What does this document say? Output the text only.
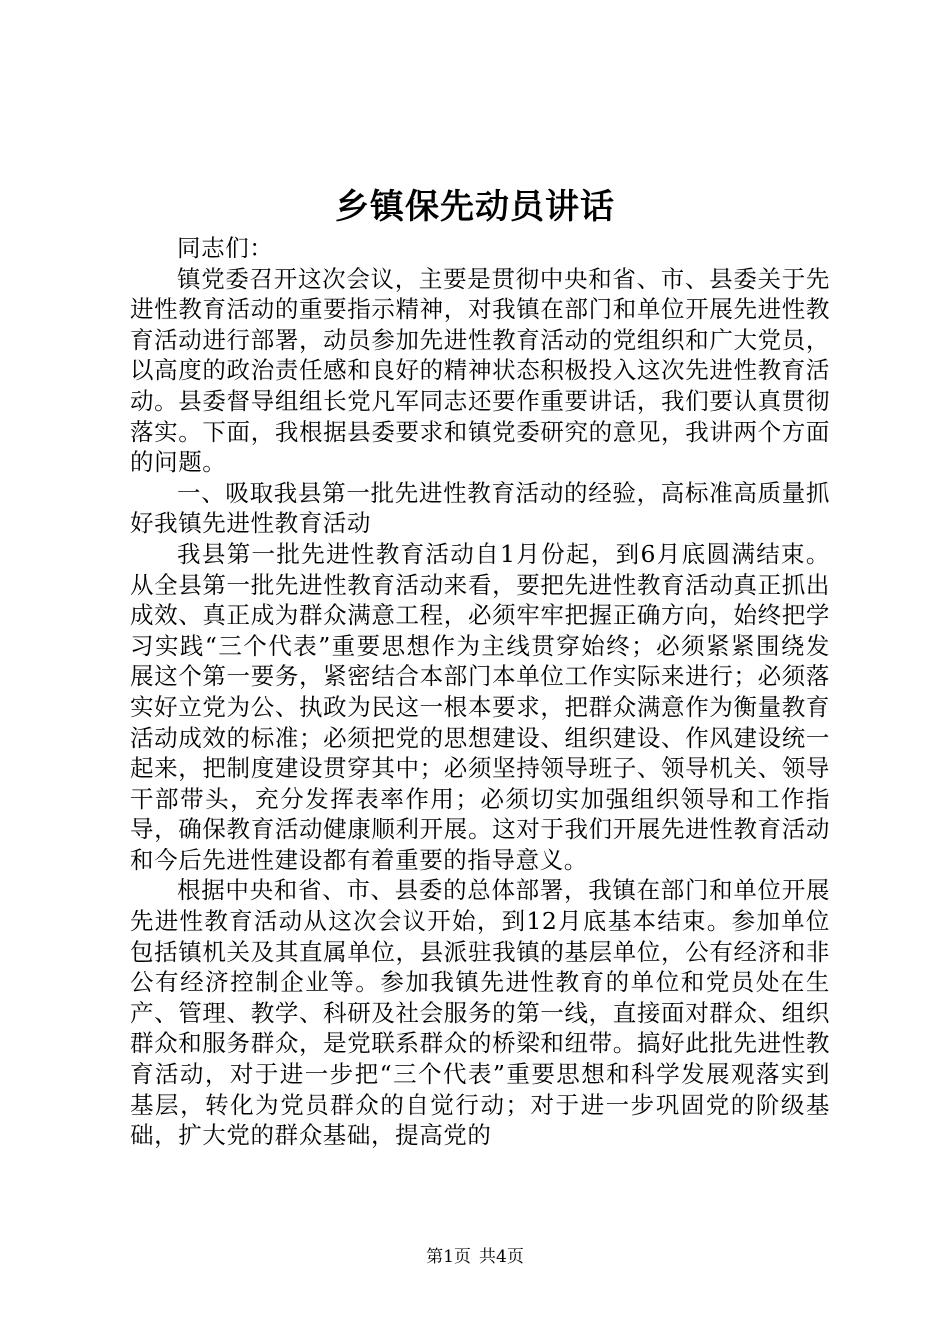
乡镇保先动员讲话

同志们：

镇党委召开这次会议，主要是贯彻中央和省、市、县委关于先进性教育活动的重要指示精神，对我镇在部门和单位开展先进性教育活动进行部署，动员参加先进性教育活动的党组织和广大党员，以高度的政治责任感和良好的精神状态积极投入这次先进性教育活动。县委督导组组长党凡军同志还要作重要讲话，我们要认真贯彻落实。下面，我根据县委要求和镇党委研究的意见，我讲两个方面的问题。

一、吸取我县第一批先进性教育活动的经验，高标准高质量抓好我镇先进性教育活动

我县第一批先进性教育活动自1月份起，到6月底圆满结束。从全县第一批先进性教育活动来看，要把先进性教育活动真正抓出成效、真正成为群众满意工程，必须牢牢把握正确方向，始终把学习实践“三个代表”重要思想作为主线贯穿始终；必须紧紧围绕发展这个第一要务，紧密结合本部门本单位工作实际来进行；必须落实好立党为公、执政为民这一根本要求，把群众满意作为衡量教育活动成效的标准；必须把党的思想建设、组织建设、作风建设统一起来，把制度建设贯穿其中；必须坚持领导班子、领导机关、领导干部带头，充分发挥表率作用；必须切实加强组织领导和工作指导，确保教育活动健康顺利开展。这对于我们开展先进性教育活动和今后先进性建设都有着重要的指导意义。

根据中央和省、市、县委的总体部署，我镇在部门和单位开展先进性教育活动从这次会议开始，到12月底基本结束。参加单位包括镇机关及其直属单位，县派驻我镇的基层单位，公有经济和非公有经济控制企业等。参加我镇先进性教育的单位和党员处在生产、管理、教学、科研及社会服务的第一线，直接面对群众、组织群众和服务群众，是党联系群众的桥梁和纽带。搞好此批先进性教育活动，对于进一步把“三个代表”重要思想和科学发展观落实到基层，转化为党员群众的自觉行动；对于进一步巩固党的阶级基础，扩大党的群众基础，提高党的

第1页 共4页
